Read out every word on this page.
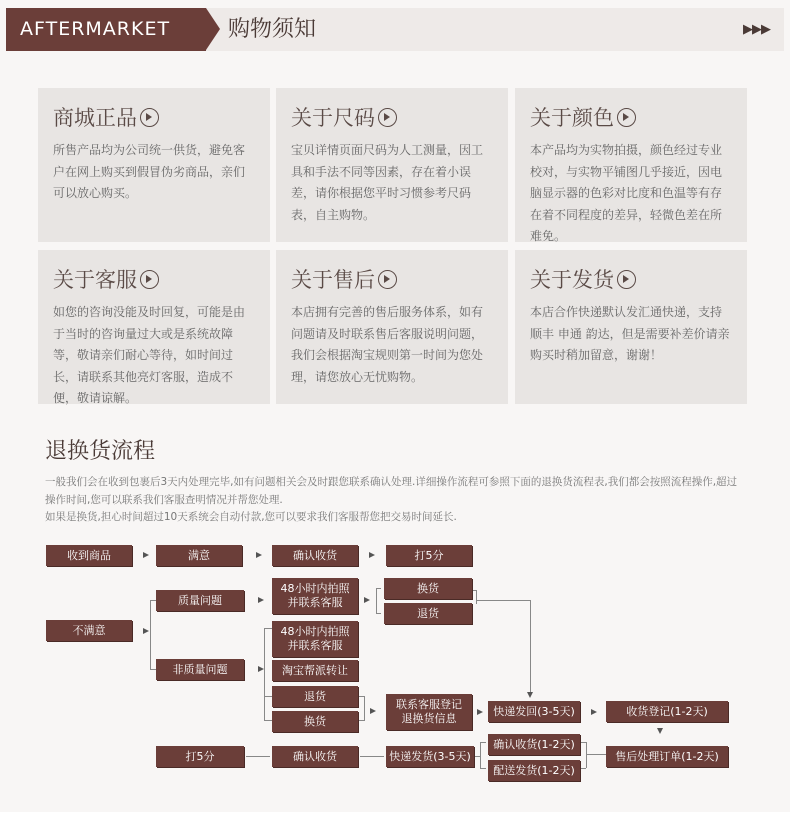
AFTERMARKET	购物须知	▶▶▶
商城正品
所售产品均为公司统一供货，避免客户在网上购买到假冒伪劣商品，亲们可以放心购买。
关于尺码
宝贝详情页面尺码为人工测量，因工具和手法不同等因素，存在着小误差，请你根据您平时习惯参考尺码表，自主购物。
关于颜色
本产品均为实物拍摄，颜色经过专业校对，与实物平铺图几乎接近，因电脑显示器的色彩对比度和色温等有存在着不同程度的差异，轻微色差在所难免。
关于客服
如您的咨询没能及时回复，可能是由于当时的咨询量过大或是系统故障等，敬请亲们耐心等待，如时间过长，请联系其他亮灯客服，造成不便，敬请谅解。
关于售后
本店拥有完善的售后服务体系，如有问题请及时联系售后客服说明问题，我们会根据淘宝规则第一时间为您处理，请您放心无忧购物。
关于发货
本店合作快递默认发汇通快递，支持顺丰 申通 韵达，但是需要补差价请亲购买时稍加留意，谢谢！
退换货流程
一般我们会在收到包裹后3天内处理完毕,如有问题相关会及时跟您联系确认处理.详细操作流程可参照下面的退换货流程表,我们都会按照流程操作,超过操作时间,您可以联系我们客服查明情况并帮您处理.
如果是换货,担心时间超过10天系统会自动付款,您可以要求我们客服帮您把交易时间延长.
收到商品	满意	确认收货	打5分
不满意
质量问题
非质量问题
48小时内拍照
并联系客服
换货
退货
48小时内拍照
并联系客服
淘宝帮派转让
退货
换货
联系客服登记
退换货信息
快递发回(3-5天)	收货登记(1-2天)
售后处理订单(1-2天)
确认收货(1-2天)
配送发货(1-2天)
快递发货(3-5天)
确认收货
打5分
